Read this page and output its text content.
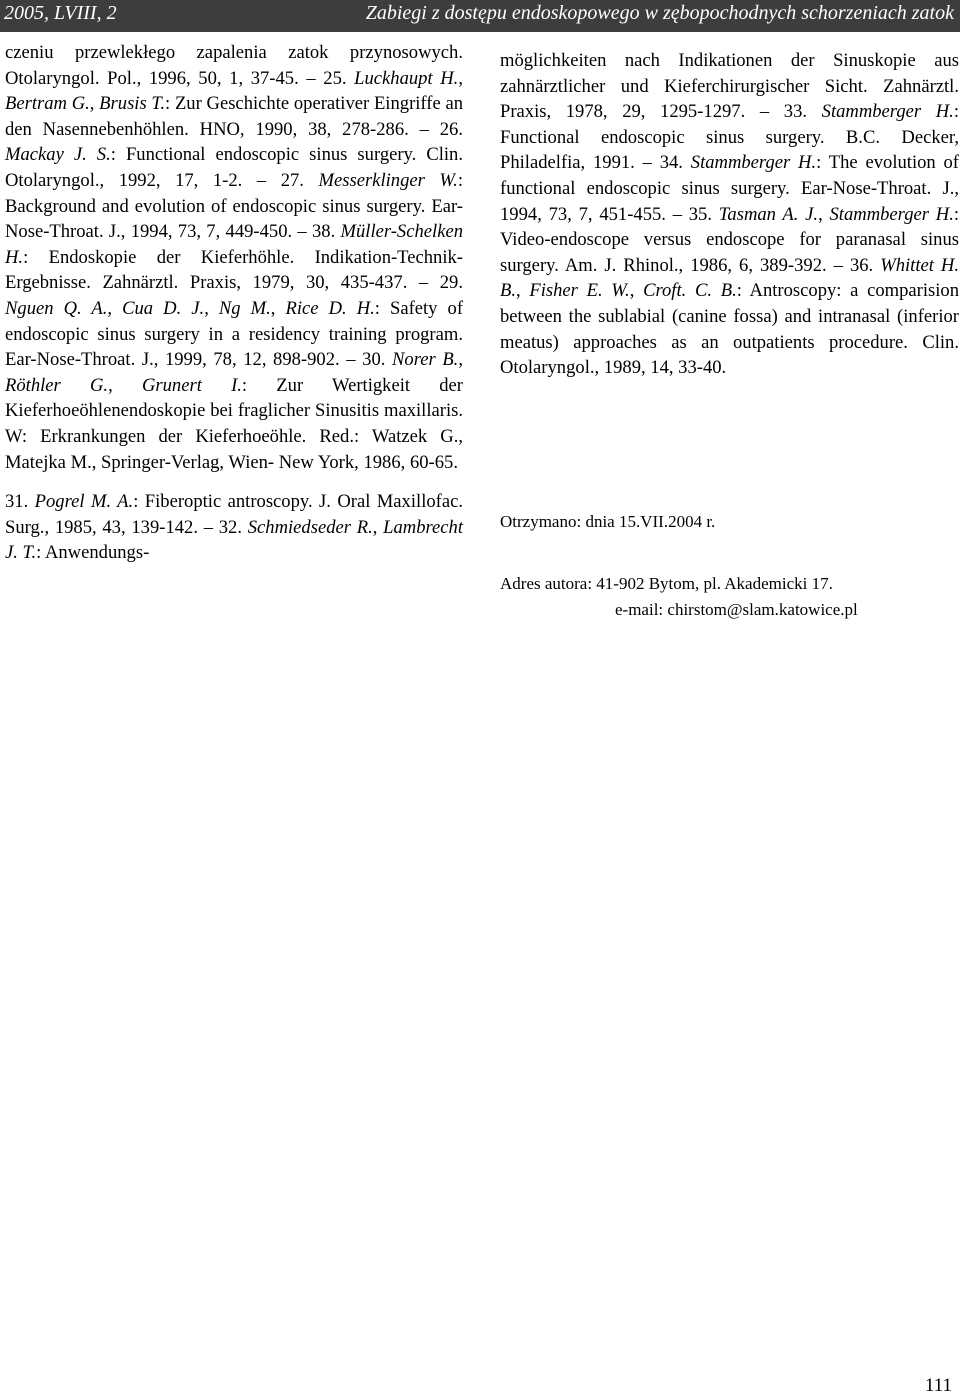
2005, LVIII, 2	Zabiegi z dostępu endoskopowego w zębopochodnych schorzeniach zatok
czeniu przewlekłego zapalenia zatok przynosowych. Otolaryngol. Pol., 1996, 50, 1, 37-45. – 25. Luckhaupt H., Bertram G., Brusis T.: Zur Geschichte operativer Eingriffe an den Nasennebenhöhlen. HNO, 1990, 38, 278-286. – 26. Mackay J. S.: Functional endoscopic sinus surgery. Clin. Otolaryngol., 1992, 17, 1-2. – 27. Messerklinger W.: Background and evolution of endoscopic sinus surgery. Ear-Nose-Throat. J., 1994, 73, 7, 449-450. – 38. Müller-Schelken H.: Endoskopie der Kieferhöhle. Indikation-Technik-Ergebnisse. Zahnärztl. Praxis, 1979, 30, 435-437. – 29. Nguen Q. A., Cua D. J., Ng M., Rice D. H.: Safety of endoscopic sinus surgery in a residency training program. Ear-Nose-Throat. J., 1999, 78, 12, 898-902. – 30. Norer B., Röthler G., Grunert I.: Zur Wertigkeit der Kieferhoeöhlenendoskopie bei fraglicher Sinusitis maxillaris. W: Erkrankungen der Kieferhoeöhle. Red.: Watzek G., Matejka M., Springer-Verlag, Wien- New York, 1986, 60-65.
31. Pogrel M. A.: Fiberoptic antroscopy. J. Oral Maxillofac. Surg., 1985, 43, 139-142. – 32. Schmiedseder R., Lambrecht J. T.: Anwendungs-
möglichkeiten nach Indikationen der Sinuskopie aus zahnärztlicher und Kieferchirurgischer Sicht. Zahnärztl. Praxis, 1978, 29, 1295-1297. – 33. Stammberger H.: Functional endoscopic sinus surgery. B.C. Decker, Philadelfia, 1991. – 34. Stammberger H.: The evolution of functional endoscopic sinus surgery. Ear-Nose-Throat. J., 1994, 73, 7, 451-455. – 35. Tasman A. J., Stammberger H.: Video-endoscope versus endoscope for paranasal sinus surgery. Am. J. Rhinol., 1986, 6, 389-392. – 36. Whittet H. B., Fisher E. W., Croft. C. B.: Antroscopy: a comparision between the sublabial (canine fossa) and intranasal (inferior meatus) approaches as an outpatients procedure. Clin. Otolaryngol., 1989, 14, 33-40.
Otrzymano: dnia 15.VII.2004 r.
Adres autora: 41-902 Bytom, pl. Akademicki 17.
e-mail: chirstom@slam.katowice.pl
111
